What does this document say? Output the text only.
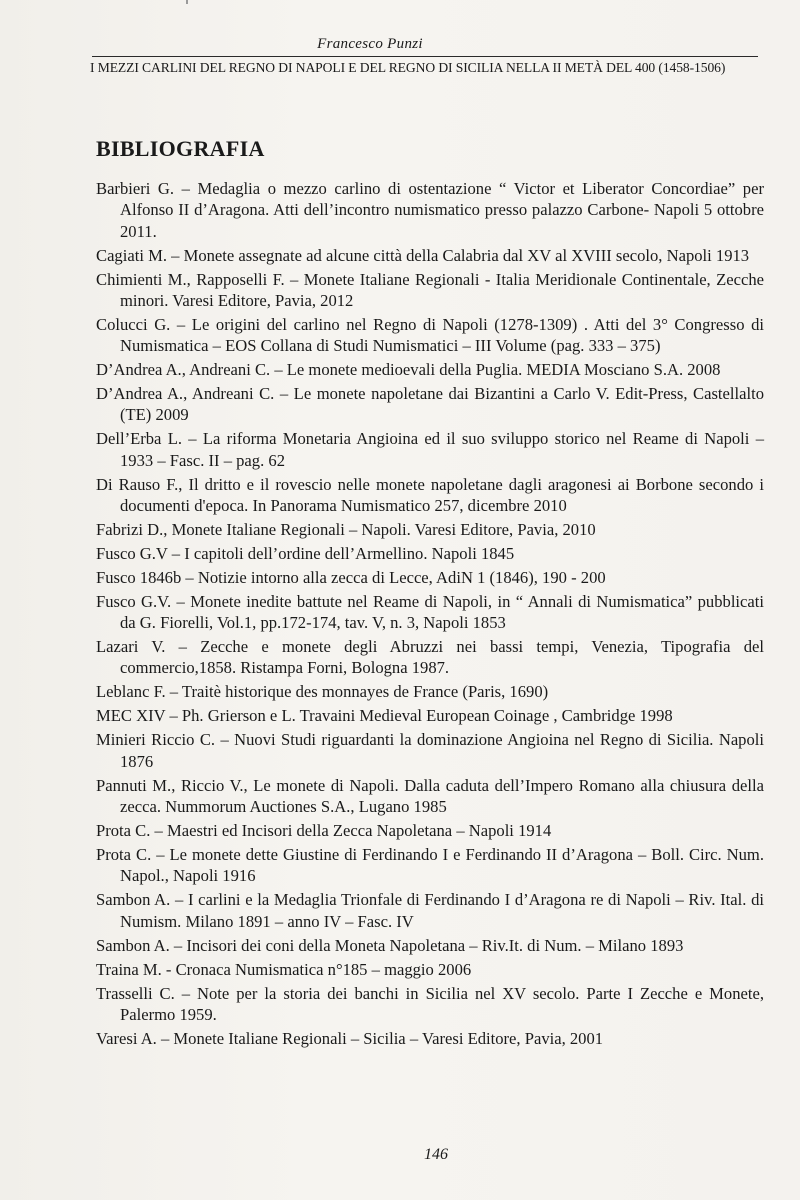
Francesco Punzi
I MEZZI CARLINI DEL REGNO DI NAPOLI E DEL REGNO DI SICILIA NELLA II METÀ DEL 400 (1458-1506)
BIBLIOGRAFIA
Barbieri G. – Medaglia o mezzo carlino di ostentazione “ Victor et Liberator Concordiae” per Alfonso II d’Aragona. Atti dell’incontro numismatico presso palazzo Carbone- Napoli 5 ottobre 2011.
Cagiati M. – Monete assegnate ad alcune città della Calabria dal XV al XVIII secolo, Napoli 1913
Chimienti M., Rapposelli F. – Monete Italiane Regionali - Italia Meridionale Continentale, Zecche minori. Varesi Editore, Pavia, 2012
Colucci G. – Le origini del carlino nel Regno di Napoli (1278-1309) . Atti del 3° Congresso di Numismatica – EOS Collana di Studi Numismatici – III Volume (pag. 333 – 375)
D’Andrea A., Andreani C. – Le monete medioevali della Puglia. MEDIA Mosciano S.A. 2008
D’Andrea A., Andreani C. – Le monete napoletane dai Bizantini a Carlo V. Edit-Press, Castellalto (TE) 2009
Dell’Erba L. – La riforma Monetaria Angioina ed il suo sviluppo storico nel Reame di Napoli – 1933 – Fasc. II – pag. 62
Di Rauso F., Il dritto e il rovescio nelle monete napoletane dagli aragonesi ai Borbone secondo i documenti d'epoca. In Panorama Numismatico 257, dicembre 2010
Fabrizi D., Monete Italiane Regionali – Napoli. Varesi Editore, Pavia, 2010
Fusco G.V – I capitoli dell’ordine dell’Armellino. Napoli 1845
Fusco 1846b – Notizie intorno alla zecca di Lecce, AdiN 1 (1846), 190 - 200
Fusco G.V. – Monete inedite battute nel Reame di Napoli, in “ Annali di Numismatica” pubblicati da G. Fiorelli, Vol.1, pp.172-174, tav. V, n. 3, Napoli 1853
Lazari V. – Zecche e monete degli Abruzzi nei bassi tempi, Venezia, Tipografia del commercio,1858. Ristampa Forni, Bologna 1987.
Leblanc F. – Traitè historique des monnayes de France (Paris, 1690)
MEC XIV – Ph. Grierson e L. Travaini Medieval European Coinage , Cambridge 1998
Minieri Riccio C. – Nuovi Studi riguardanti la dominazione Angioina nel Regno di Sicilia. Napoli 1876
Pannuti M., Riccio V., Le monete di Napoli. Dalla caduta dell’Impero Romano alla chiusura della zecca. Nummorum Auctiones S.A., Lugano 1985
Prota C. – Maestri ed Incisori della Zecca Napoletana – Napoli 1914
Prota C. – Le monete dette Giustine di Ferdinando I e Ferdinando II d’Aragona – Boll. Circ. Num. Napol., Napoli 1916
Sambon A. – I carlini e la Medaglia Trionfale di Ferdinando I d’Aragona re di Napoli – Riv. Ital. di Numism. Milano 1891 – anno IV – Fasc. IV
Sambon A. – Incisori dei coni della Moneta Napoletana – Riv.It. di Num. – Milano 1893
Traina M. - Cronaca Numismatica n°185 – maggio 2006
Trasselli C. – Note per la storia dei banchi in Sicilia nel XV secolo. Parte I Zecche e Monete, Palermo 1959.
Varesi A. – Monete Italiane Regionali – Sicilia – Varesi Editore, Pavia, 2001
146
